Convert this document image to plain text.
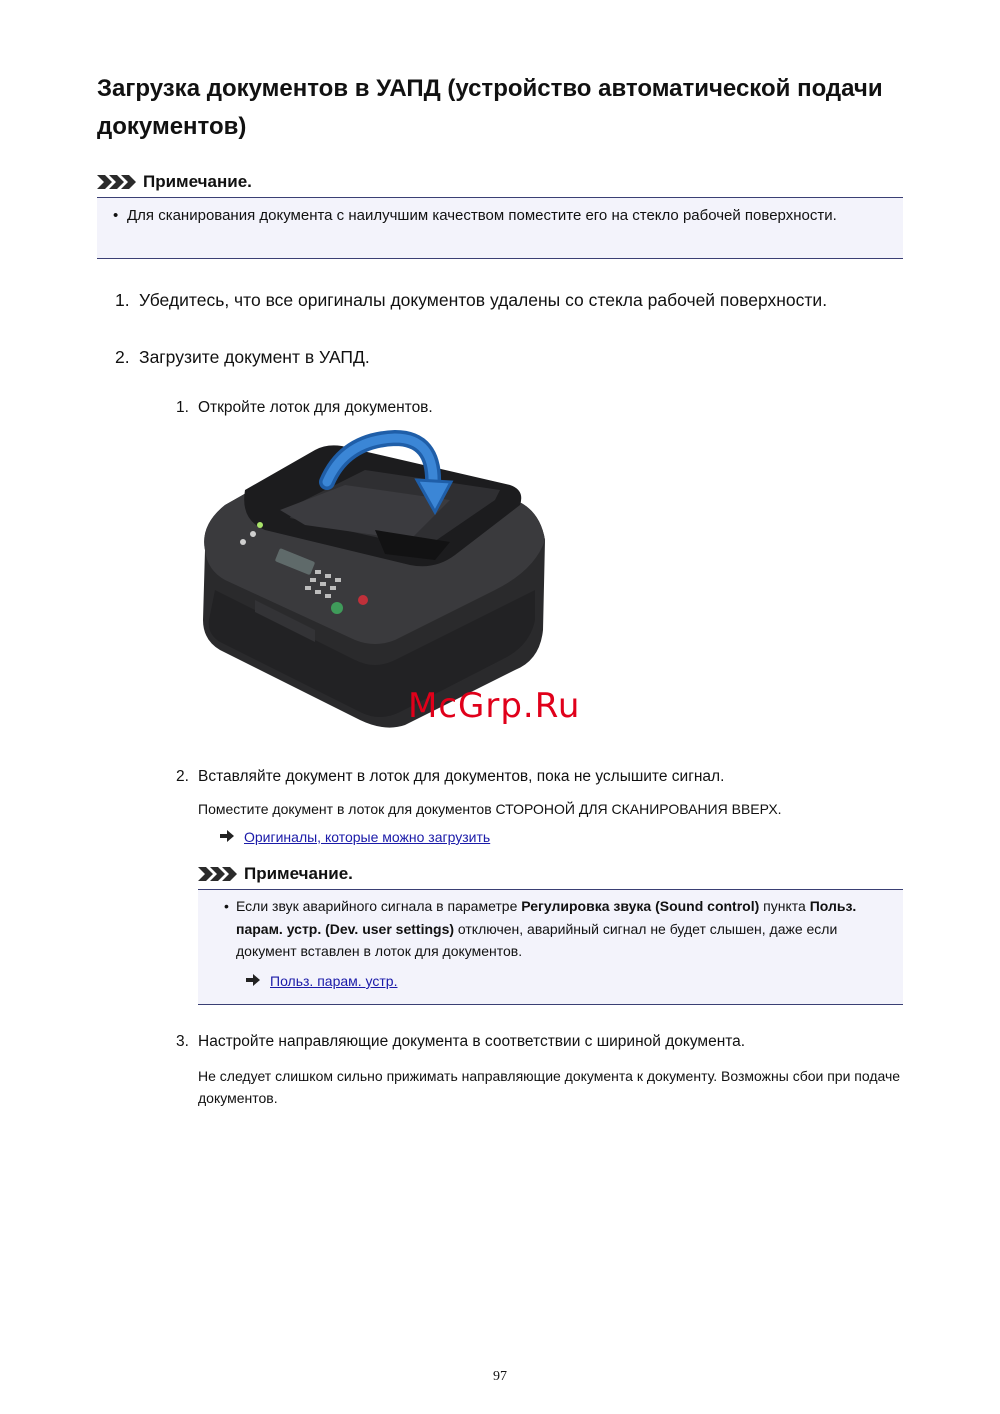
Загрузка документов в УАПД (устройство автоматической подачи документов)
Примечание.
• Для сканирования документа с наилучшим качеством поместите его на стекло рабочей поверхности.
1. Убедитесь, что все оригиналы документов удалены со стекла рабочей поверхности.
2. Загрузите документ в УАПД.
1. Откройте лоток для документов.
McGrp.Ru
2. Вставляйте документ в лоток для документов, пока не услышите сигнал.
Поместите документ в лоток для документов СТОРОНОЙ ДЛЯ СКАНИРОВАНИЯ ВВЕРХ.
Оригиналы, которые можно загрузить
Примечание.
• Если звук аварийного сигнала в параметре Регулировка звука (Sound control) пункта Польз. парам. устр. (Dev. user settings) отключен, аварийный сигнал не будет слышен, даже если документ вставлен в лоток для документов.
Польз. парам. устр.
3. Настройте направляющие документа в соответствии с шириной документа.
Не следует слишком сильно прижимать направляющие документа к документу. Возможны сбои при подаче документов.
97
